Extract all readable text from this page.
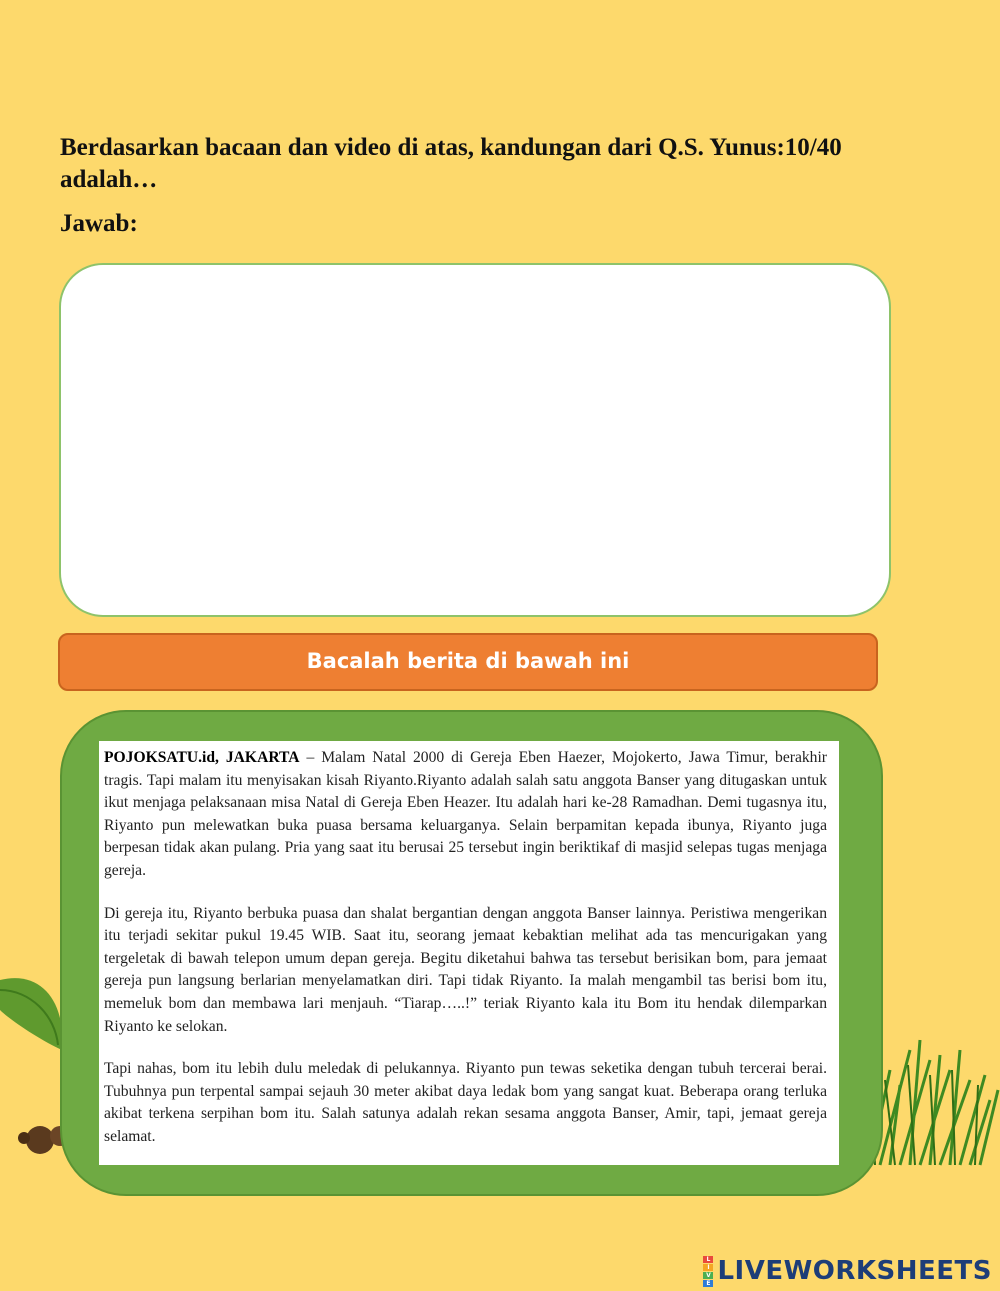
Berdasarkan bacaan dan video di atas, kandungan dari Q.S. Yunus:10/40 adalah…
Jawab:
Bacalah berita di bawah ini

POJOKSATU.id, JAKARTA – Malam Natal 2000 di Gereja Eben Haezer, Mojokerto, Jawa Timur, berakhir tragis. Tapi malam itu menyisakan kisah Riyanto.Riyanto adalah salah satu anggota Banser yang ditugaskan untuk ikut menjaga pelaksanaan misa Natal di Gereja Eben Heazer. Itu adalah hari ke-28 Ramadhan. Demi tugasnya itu, Riyanto pun melewatkan buka puasa bersama keluarganya. Selain berpamitan kepada ibunya, Riyanto juga berpesan tidak akan pulang. Pria yang saat itu berusai 25 tersebut ingin beriktikaf di masjid selepas tugas menjaga gereja.

Di gereja itu, Riyanto berbuka puasa dan shalat bergantian dengan anggota Banser lainnya. Peristiwa mengerikan itu terjadi sekitar pukul 19.45 WIB. Saat itu, seorang jemaat kebaktian melihat ada tas mencurigakan yang tergeletak di bawah telepon umum depan gereja. Begitu diketahui bahwa tas tersebut berisikan bom, para jemaat gereja pun langsung berlarian menyelamatkan diri. Tapi tidak Riyanto. Ia malah mengambil tas berisi bom itu, memeluk bom dan membawa lari menjauh. “Tiarap…..!” teriak Riyanto kala itu Bom itu hendak dilemparkan Riyanto ke selokan.

Tapi nahas, bom itu lebih dulu meledak di pelukannya. Riyanto pun tewas seketika dengan tubuh tercerai berai. Tubuhnya pun terpental sampai sejauh 30 meter akibat daya ledak bom yang sangat kuat. Beberapa orang terluka akibat terkena serpihan bom itu. Salah satunya adalah rekan sesama anggota Banser, Amir, tapi, jemaat gereja selamat.

L
I
V
E LIVEWORKSHEETS
